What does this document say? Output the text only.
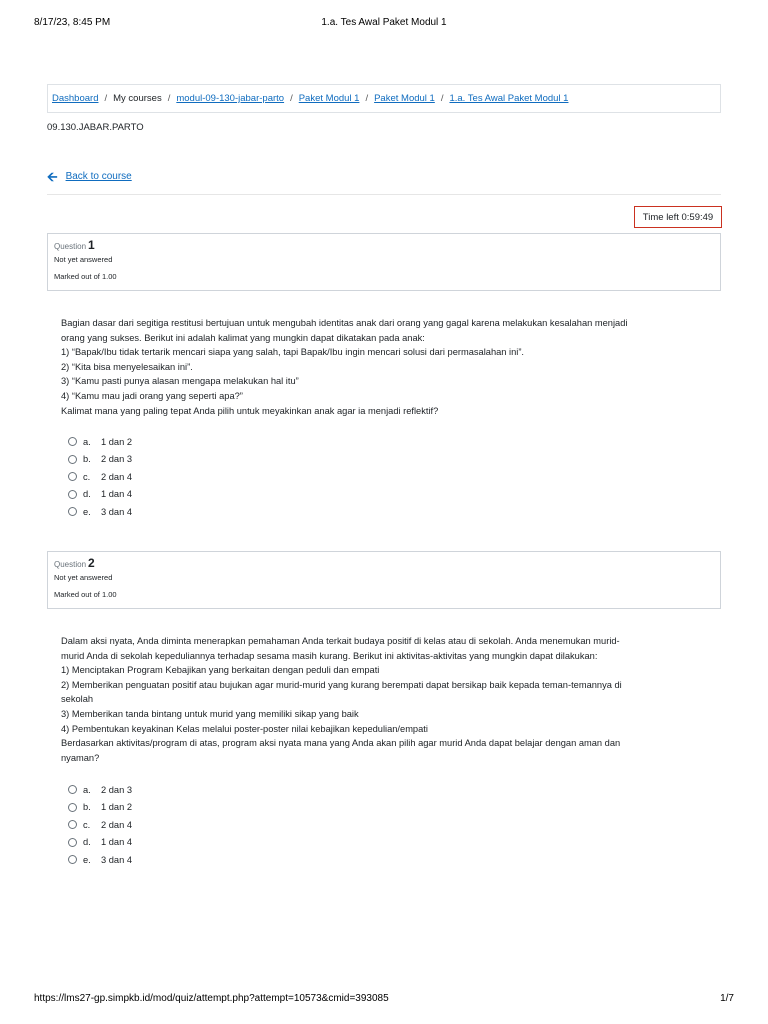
8/17/23, 8:45 PM	1.a. Tes Awal Paket Modul 1
Dashboard / My courses / modul-09-130-jabar-parto / Paket Modul 1 / Paket Modul 1 / 1.a. Tes Awal Paket Modul 1
09.130.JABAR.PARTO
🡨 Back to course
Time left 0:59:49
Question 1
Not yet answered
Marked out of 1.00
Bagian dasar dari segitiga restitusi bertujuan untuk mengubah identitas anak dari orang yang gagal karena melakukan kesalahan menjadi
orang yang sukses. Berikut ini adalah kalimat yang mungkin dapat dikatakan pada anak:
1) “Bapak/Ibu tidak tertarik mencari siapa yang salah, tapi Bapak/Ibu ingin mencari solusi dari permasalahan ini”.
2) “Kita bisa menyelesaikan ini”.
3) “Kamu pasti punya alasan mengapa melakukan hal itu”
4) “Kamu mau jadi orang yang seperti apa?”
Kalimat mana yang paling tepat Anda pilih untuk meyakinkan anak agar ia menjadi reflektif?
a.	1 dan 2
b.	2 dan 3
c.	2 dan 4
d.	1 dan 4
e.	3 dan 4
Question 2
Not yet answered
Marked out of 1.00
Dalam aksi nyata, Anda diminta menerapkan pemahaman Anda terkait budaya positif di kelas atau di sekolah. Anda menemukan murid-
murid Anda di sekolah kepeduliannya terhadap sesama masih kurang. Berikut ini aktivitas-aktivitas yang mungkin dapat dilakukan:
1) Menciptakan Program Kebajikan yang berkaitan dengan peduli dan empati
2) Memberikan penguatan positif atau bujukan agar murid-murid yang kurang berempati dapat bersikap baik kepada teman-temannya di
sekolah
3) Memberikan tanda bintang untuk murid yang memiliki sikap yang baik
4) Pembentukan keyakinan Kelas melalui poster-poster nilai kebajikan kepedulian/empati
Berdasarkan aktivitas/program di atas, program aksi nyata mana yang Anda akan pilih agar murid Anda dapat belajar dengan aman dan
nyaman?
a.	2 dan 3
b.	1 dan 2
c.	2 dan 4
d.	1 dan 4
e.	3 dan 4
https://lms27-gp.simpkb.id/mod/quiz/attempt.php?attempt=10573&cmid=393085	1/7
